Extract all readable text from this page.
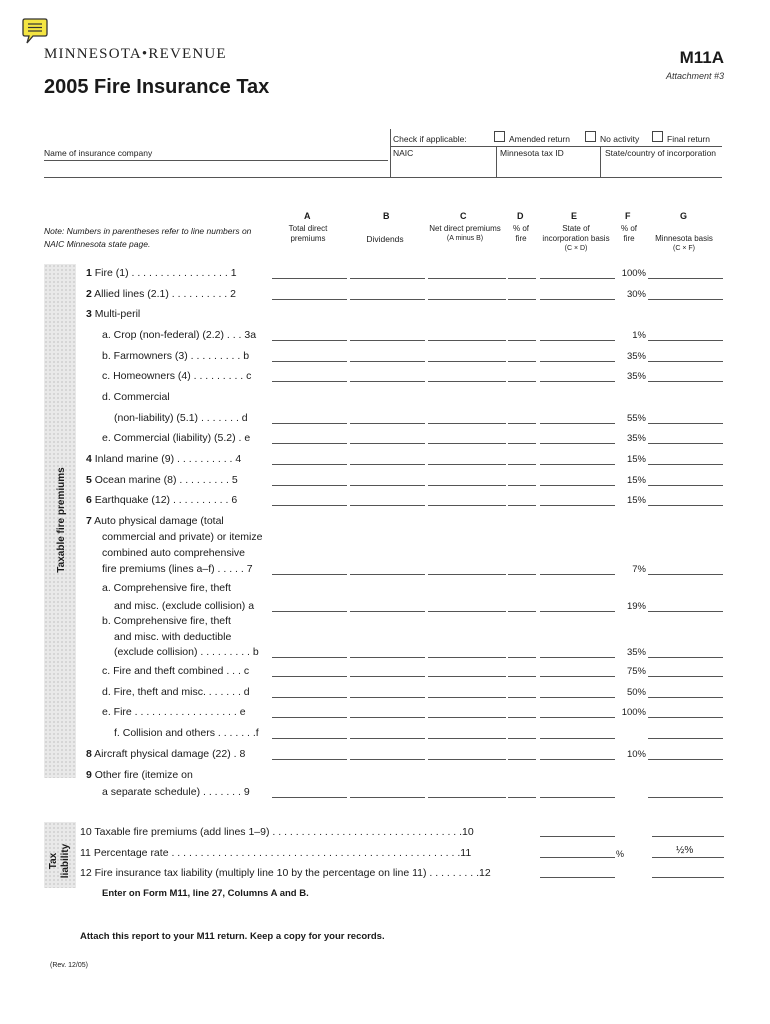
MINNESOTA•REVENUE	M11A
Attachment #3
2005 Fire Insurance Tax
Check if applicable:	Amended return	No activity	Final return
Name of insurance company	NAIC	Minnesota tax ID	State/country of incorporation
Note: Numbers in parentheses refer to line numbers on NAIC Minnesota state page.
A
Total direct
premiums
B
Dividends
C
Net direct premiums
(A minus B)
D
% of
fire
E
State of
incorporation basis
(C × D)
F
% of
fire
G
Minnesota basis
(C × F)
Taxable fire premiums
Tax liability
1 Fire (1) . . . . . . . . . . . . . . . . . 1	100%
2 Allied lines (2.1) . . . . . . . . . . 2	30%
3 Multi-peril
a. Crop (non-federal) (2.2) . . . 3a	1%
b. Farmowners (3) . . . . . . . . . b	35%
c. Homeowners (4) . . . . . . . . . c	35%
d. Commercial
(non-liability) (5.1) . . . . . . . d	55%
e. Commercial (liability) (5.2) . e	35%
4 Inland marine (9) . . . . . . . . . . 4	15%
5 Ocean marine (8) . . . . . . . . . 5	15%
6 Earthquake (12) . . . . . . . . . . 6	15%
7 Auto physical damage (total
commercial and private) or itemize
combined auto comprehensive
fire premiums (lines a–f) . . . . . 7	7%
a. Comprehensive fire, theft
and misc. (exclude collision) a	19%
b. Comprehensive fire, theft
and misc. with deductible
(exclude collision) . . . . . . . . . b	35%
c. Fire and theft combined . . . c	75%
d. Fire, theft and misc. . . . . . . d	50%
e. Fire . . . . . . . . . . . . . . . . . . e	100%
f. Collision and others . . . . . . .f
8 Aircraft physical damage (22) . 8	10%
9 Other fire (itemize on
a separate schedule) . . . . . . . 9
10 Taxable fire premiums (add lines 1–9) . . . . . . . . . . . . . . . . . . . . . . . . . . . . . . . . .10
11 Percentage rate . . . . . . . . . . . . . . . . . . . . . . . . . . . . . . . . . . . . . . . . . . . . . . . . . .11	%	½%
12 Fire insurance tax liability (multiply line 10 by the percentage on line 11) . . . . . . . . .12
Enter on Form M11, line 27, Columns A and B.
Attach this report to your M11 return. Keep a copy for your records.
(Rev. 12/05)
